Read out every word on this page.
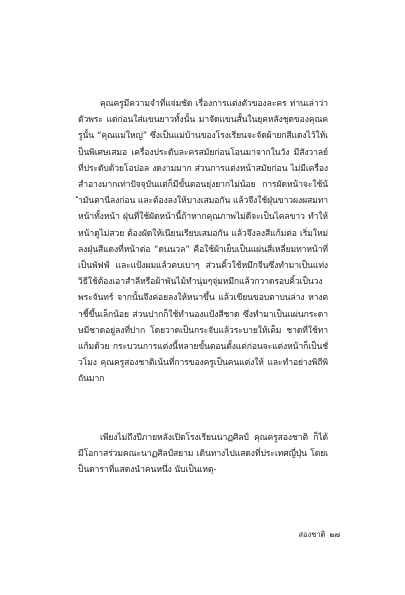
คุณครูมีความจำที่แจ่มชัด เรื่องการแต่งตัวของละคร ท่านเล่าว่าตัวพระ แต่ก่อนใส่แขนยาวทั้งนั้น มาจัดแขนสั้นในยุคหลังชุดของคุณครูนั้น “คุณแม่ใหญ่” ซึ่งเป็นแม่บ้านของโรงเรียนจะจัดผ้ายกสีแดงไว้ให้เป็นพิเศษเสมอ เครื่องประดับละครสมัยก่อนโอนมาจากในวัง มีสังวาลย์ที่ประดับด้วยโอปอล งดงามมาก ส่วนการแต่งหน้าสมัยก่อน ไม่มีเครื่องสำอางมากเท่าปัจจุบันแต่ก็มีขั้นตอนยุ่งยากไม่น้อย การผัดหน้าจะใช้น้ำมันตานีลงก่อน และต้องลงให้บางเสมอกัน แล้วจึงใช้ฝุ่นขาวผงผสมทาหน้าทั้งหน้า ฝุ่นที่ใช้ผัดหน้านี้ถ้าหากคุณภาพไม่ดีจะเป็นไคลขาว ทำให้หน้าดูไม่สวย ต้องผัดให้เนียนเรียบเสมอกัน แล้วจึงลงสีแก้มต่อ เริ่มใหม่ ลงฝุ่นสีแดงที่หน้าต่อ “ดนนวล” คือใช้ผ้าเย็บเป็นแผ่นสี่เหลี่ยมทาหน้าที่เป็นพัฟฟ์ และแป้งผมแล้วตบเบาๆ ส่วนคิ้วใช้หมึกจีนซึ่งทำมาเป็นแท่ง วิธีใช้ต้องเอาสำลีหรือผ้าพันไม้ทำนุ่มๆจุ่มหมึกแล้วกวาดรอบคิ้วเป็นวงพระจันทร์ จากนั้นจึงค่อยลงให้หนาขึ้น แล้วเขียนขอบตาบนล่าง หางตาชี้ขึ้นเล็กน้อย ส่วนปากก็ใช้ทำนองแป้งสีชาด ซึ่งทำมาเป็นแผ่นกระดาษมีชาดอยู่ลงที่ปาก โดยวาดเป็นกระจับแล้วระบายให้เต็ม ชาดที่ใช้ทาแก้มด้วย กระบวนการแต่งนี้หลายขั้นตอนตั้งแต่ก่อนจะแต่งหน้าก็เป็นชั่วโมง คุณครูสองชาติเน้นที่การของครูเป็นคนแต่งให้ และทำอย่างพิถีพิถันมาก

เพียงไม่ถึงปีภายหลังเปิดโรงเรียนนาฏศิลป์ คุณครูสองชาติ ก็ได้มีโอกาสร่วมคณะนาฏศิลป์สยาม เดินทางไปแสดงที่ประเทศญี่ปุ่น โดยเป็นดาราที่แสดงนำคนหนึ่ง นับเป็นเหตุ-

สองชาติ ๒๗
